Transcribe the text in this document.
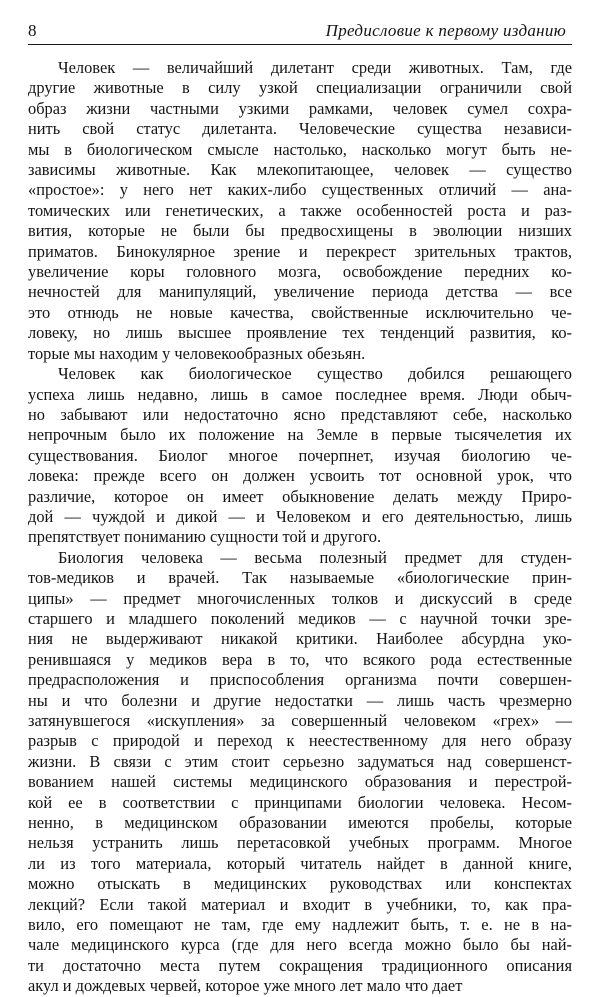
8	Предисловие к первому изданию
Человек — величайший дилетант среди животных. Там, где
другие животные в силу узкой специализации ограничили свой
образ жизни частными узкими рамками, человек сумел сохра-
нить свой статус дилетанта. Человеческие существа независи-
мы в биологическом смысле настолько, насколько могут быть не-
зависимы животные. Как млекопитающее, человек — существо
«простое»: у него нет каких-либо существенных отличий — ана-
томических или генетических, а также особенностей роста и раз-
вития, которые не были бы предвосхищены в эволюции низших
приматов. Бинокулярное зрение и перекрест зрительных трактов,
увеличение коры головного мозга, освобождение передних ко-
нечностей для манипуляций, увеличение периода детства — все
это отнюдь не новые качества, свойственные исключительно че-
ловеку, но лишь высшее проявление тех тенденций развития, ко-
торые мы находим у человекообразных обезьян.
Человек как биологическое существо добился решающего
успеха лишь недавно, лишь в самое последнее время. Люди обыч-
но забывают или недостаточно ясно представляют себе, насколько
непрочным было их положение на Земле в первые тысячелетия их
существования. Биолог многое почерпнет, изучая биологию че-
ловека: прежде всего он должен усвоить тот основной урок, что
различие, которое он имеет обыкновение делать между Приро-
дой — чуждой и дикой — и Человеком и его деятельностью, лишь
препятствует пониманию сущности той и другого.
Биология человека — весьма полезный предмет для студен-
тов-медиков и врачей. Так называемые «биологические прин-
ципы» — предмет многочисленных толков и дискуссий в среде
старшего и младшего поколений медиков — с научной точки зре-
ния не выдерживают никакой критики. Наиболее абсурдна уко-
ренившаяся у медиков вера в то, что всякого рода естественные
предрасположения и приспособления организма почти совершен-
ны и что болезни и другие недостатки — лишь часть чрезмерно
затянувшегося «искупления» за совершенный человеком «грех» —
разрыв с природой и переход к неестественному для него образу
жизни. В связи с этим стоит серьезно задуматься над совершенст-
вованием нашей системы медицинского образования и перестрой-
кой ее в соответствии с принципами биологии человека. Несом-
ненно, в медицинском образовании имеются пробелы, которые
нельзя устранить лишь перетасовкой учебных программ. Многое
ли из того материала, который читатель найдет в данной книге,
можно отыскать в медицинских руководствах или конспектах
лекций? Если такой материал и входит в учебники, то, как пра-
вило, его помещают не там, где ему надлежит быть, т. е. не в на-
чале медицинского курса (где для него всегда можно было бы най-
ти достаточно места путем сокращения традиционного описания
акул и дождевых червей, которое уже много лет мало что дает
